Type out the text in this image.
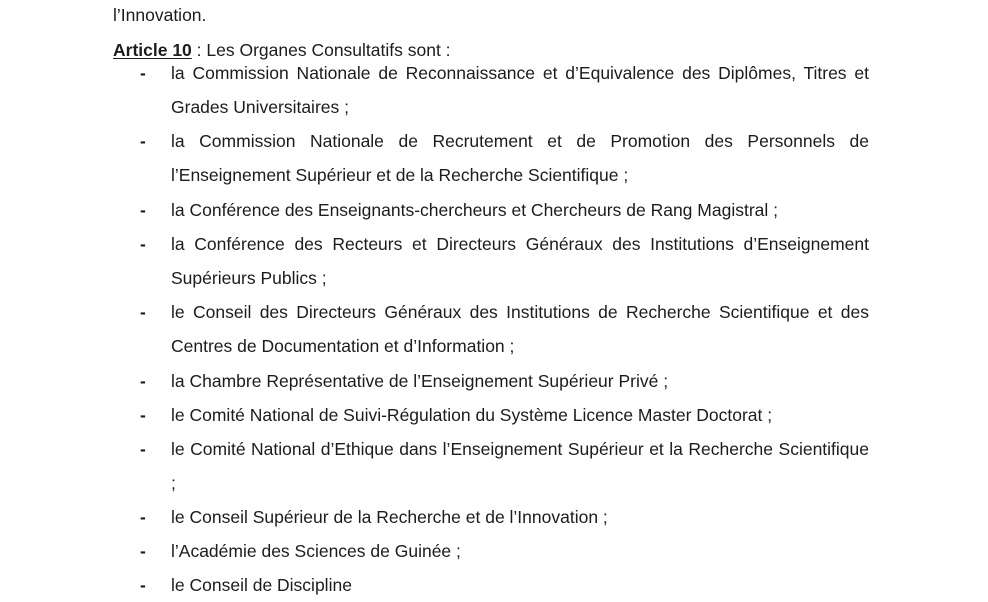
l’Innovation.
Article 10 : Les Organes Consultatifs sont :
-	la Commission Nationale de Reconnaissance et d’Equivalence des Diplômes, Titres et Grades Universitaires ;
-	la Commission Nationale de Recrutement et de Promotion des Personnels de l’Enseignement Supérieur et de la Recherche Scientifique ;
-	la Conférence des Enseignants-chercheurs et Chercheurs de Rang Magistral ;
-	la Conférence des Recteurs et Directeurs Généraux des Institutions d’Enseignement Supérieurs Publics ;
-	le Conseil des Directeurs Généraux des Institutions de Recherche Scientifique et des Centres de Documentation et d’Information ;
-	la Chambre Représentative de l’Enseignement Supérieur Privé ;
-	le Comité National de Suivi-Régulation du Système Licence Master Doctorat ;
-	le Comité National d’Ethique dans l’Enseignement Supérieur et la Recherche Scientifique ;
-	le Conseil Supérieur de la Recherche et de l’Innovation ;
-	l’Académie des Sciences de Guinée ;
-	le Conseil de Discipline
